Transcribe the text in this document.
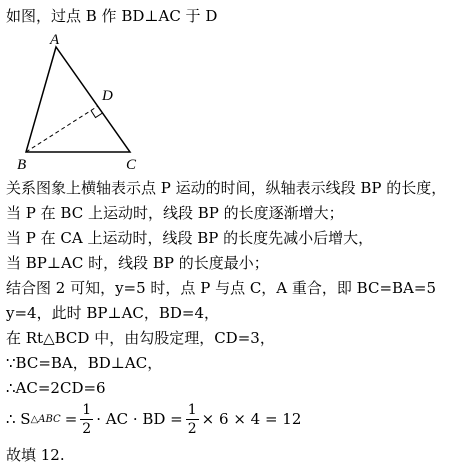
如图，过点 B 作 BD⊥AC 于 D
A
D
B	C
关系图象上横轴表示点 P 运动的时间，纵轴表示线段 BP 的长度，
当 P 在 BC 上运动时，线段 BP 的长度逐渐增大；
当 P 在 CA 上运动时，线段 BP 的长度先减小后增大，
当 BP⊥AC 时，线段 BP 的长度最小；
结合图 2 可知，y=5 时，点 P 与点 C，A 重合，即 BC=BA=5
y=4，此时 BP⊥AC，BD=4，
在 Rt△BCD 中，由勾股定理，CD=3，
∵BC=BA，BD⊥AC，
∴AC=2CD=6
∴ S △ABC = $\frac{1}{2}$ · AC · BD = $\frac{1}{2} \times 6 \times 4 = 12$
故填 12.
